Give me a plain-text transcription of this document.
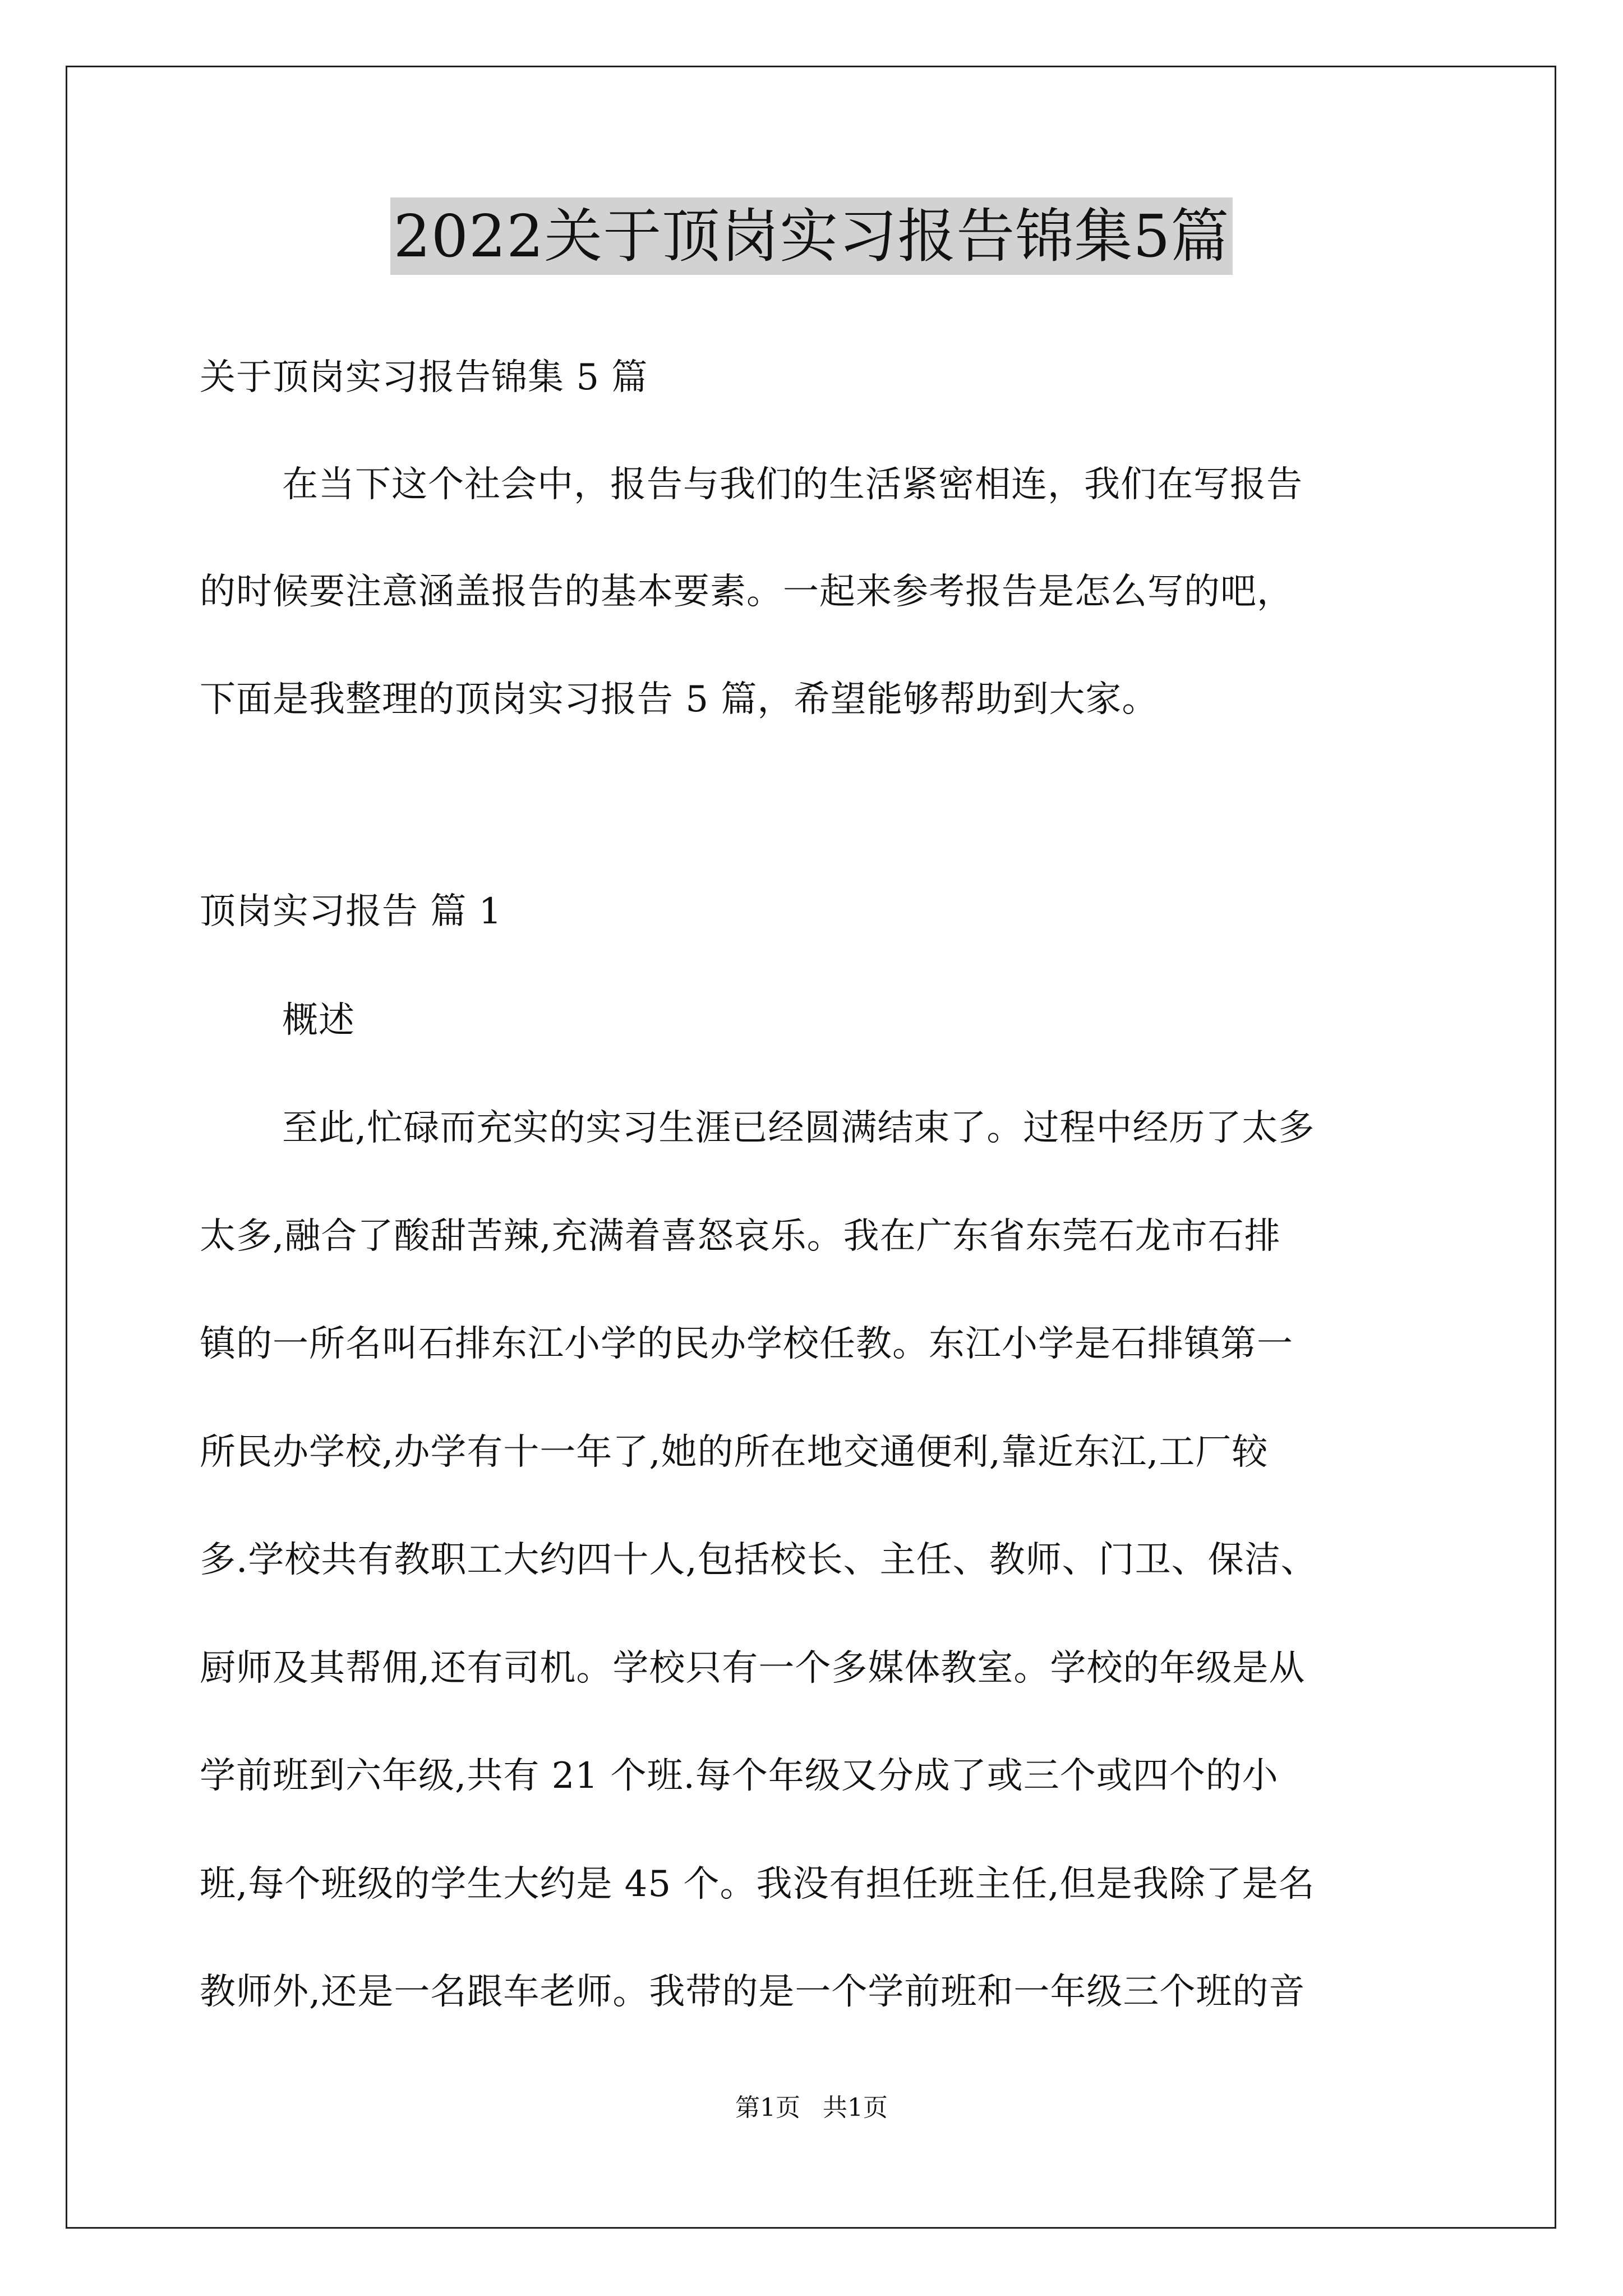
2022关于顶岗实习报告锦集5篇
关于顶岗实习报告锦集 5 篇
在当下这个社会中，报告与我们的生活紧密相连，我们在写报告
的时候要注意涵盖报告的基本要素。一起来参考报告是怎么写的吧，
下面是我整理的顶岗实习报告 5 篇，希望能够帮助到大家。
顶岗实习报告 篇 1
概述
至此,忙碌而充实的实习生涯已经圆满结束了。过程中经历了太多
太多,融合了酸甜苦辣,充满着喜怒哀乐。我在广东省东莞石龙市石排
镇的一所名叫石排东江小学的民办学校任教。东江小学是石排镇第一
所民办学校,办学有十一年了,她的所在地交通便利,靠近东江,工厂较
多.学校共有教职工大约四十人,包括校长、主任、教师、门卫、保洁、
厨师及其帮佣,还有司机。学校只有一个多媒体教室。学校的年级是从
学前班到六年级,共有 21 个班.每个年级又分成了或三个或四个的小
班,每个班级的学生大约是 45 个。我没有担任班主任,但是我除了是名
教师外,还是一名跟车老师。我带的是一个学前班和一年级三个班的音
第1页 共1页
